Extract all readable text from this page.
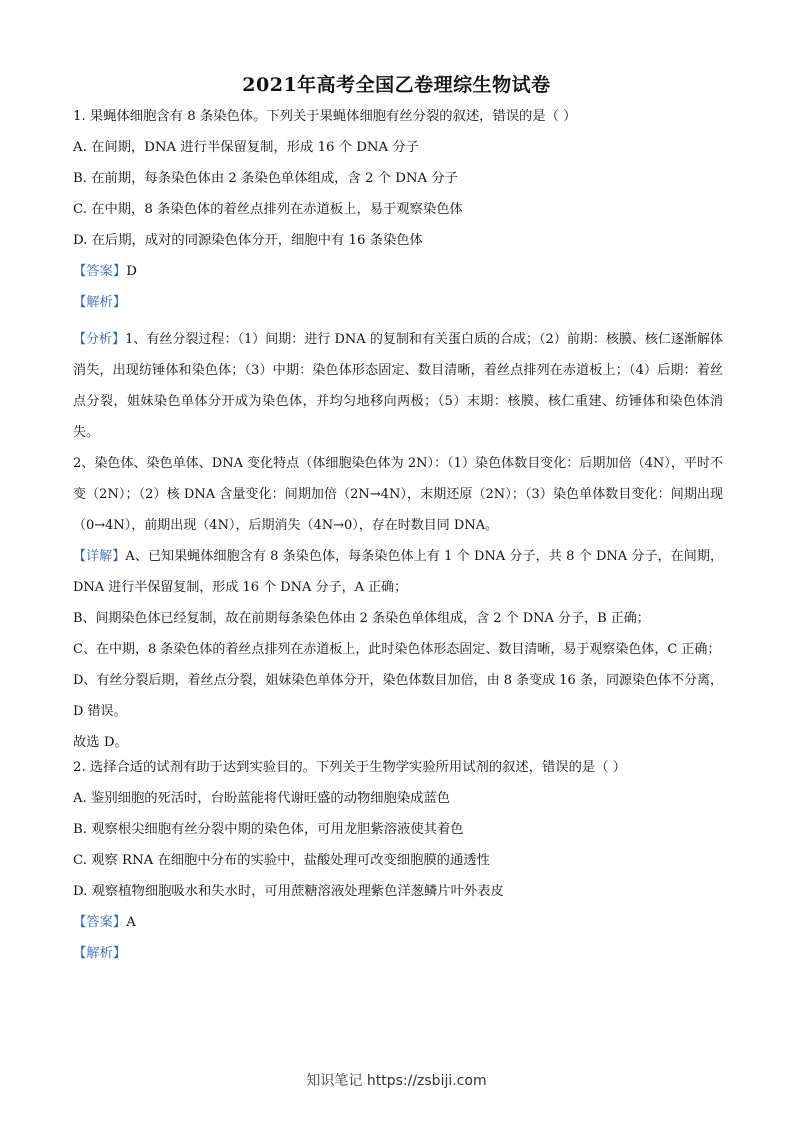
2021年高考全国乙卷理综生物试卷
1. 果蝇体细胞含有 8 条染色体。下列关于果蝇体细胞有丝分裂的叙述，错误的是（ ）
A. 在间期，DNA 进行半保留复制，形成 16 个 DNA 分子
B. 在前期，每条染色体由 2 条染色单体组成，含 2 个 DNA 分子
C. 在中期，8 条染色体的着丝点排列在赤道板上，易于观察染色体
D. 在后期，成对的同源染色体分开，细胞中有 16 条染色体
【答案】D
【解析】
【分析】1、有丝分裂过程：（1）间期：进行 DNA 的复制和有关蛋白质的合成；（2）前期：核膜、核仁逐渐解体消失，出现纺锤体和染色体；（3）中期：染色体形态固定、数目清晰，着丝点排列在赤道板上；（4）后期：着丝点分裂，姐妹染色单体分开成为染色体，并均匀地移向两极；（5）末期：核膜、核仁重建、纺锤体和染色体消失。
2、染色体、染色单体、DNA 变化特点（体细胞染色体为 2N）：（1）染色体数目变化：后期加倍（4N），平时不变（2N）；（2）核 DNA 含量变化：间期加倍（2N→4N），末期还原（2N）；（3）染色单体数目变化：间期出现（0→4N），前期出现（4N），后期消失（4N→0），存在时数目同 DNA。
【详解】A、已知果蝇体细胞含有 8 条染色体，每条染色体上有 1 个 DNA 分子，共 8 个 DNA 分子，在间期，DNA 进行半保留复制，形成 16 个 DNA 分子，A 正确；
B、间期染色体已经复制，故在前期每条染色体由 2 条染色单体组成，含 2 个 DNA 分子，B 正确；
C、在中期，8 条染色体的着丝点排列在赤道板上，此时染色体形态固定、数目清晰，易于观察染色体，C 正确；
D、有丝分裂后期，着丝点分裂，姐妹染色单体分开，染色体数目加倍，由 8 条变成 16 条，同源染色体不分离，D 错误。
故选 D。
2. 选择合适的试剂有助于达到实验目的。下列关于生物学实验所用试剂的叙述，错误的是（ ）
A. 鉴别细胞的死活时，台盼蓝能将代谢旺盛的动物细胞染成蓝色
B. 观察根尖细胞有丝分裂中期的染色体，可用龙胆紫溶液使其着色
C. 观察 RNA 在细胞中分布的实验中，盐酸处理可改变细胞膜的通透性
D. 观察植物细胞吸水和失水时，可用蔗糖溶液处理紫色洋葱鳞片叶外表皮
【答案】A
【解析】
知识笔记 https://zsbiji.com
